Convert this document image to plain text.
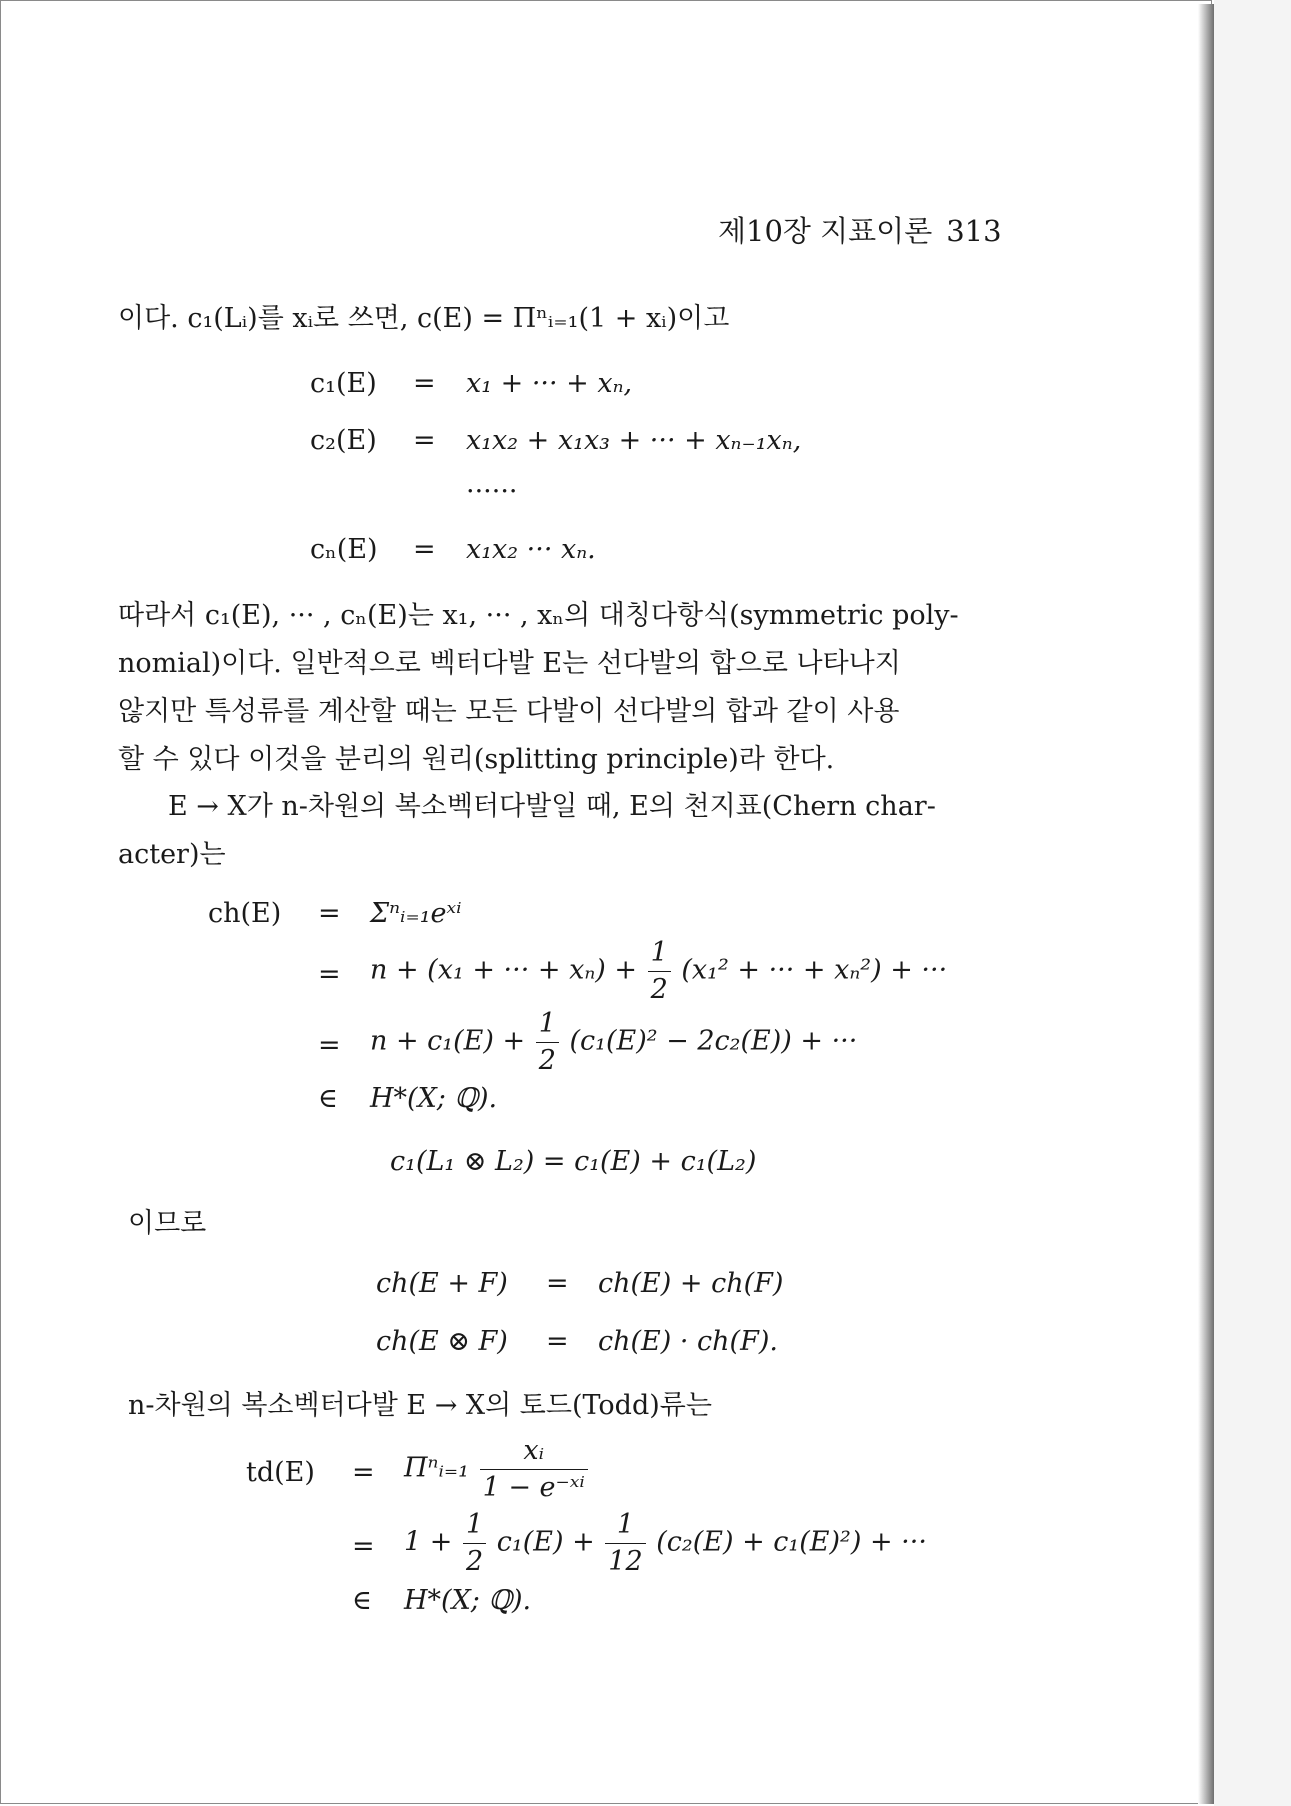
제10장 지표이론 313
이다. c₁(Lᵢ)를 xᵢ로 쓰면, c(E) = Πⁿᵢ₌₁(1 + xᵢ)이고
c₁(E) = x₁ + ··· + xₙ,
c₂(E) = x₁x₂ + x₁x₃ + ··· + xₙ₋₁xₙ,
······
cₙ(E) = x₁x₂ ··· xₙ.
따라서 c₁(E), ··· , cₙ(E)는 x₁, ··· , xₙ의 대칭다항식(symmetric poly-
nomial)이다. 일반적으로 벡터다발 E는 선다발의 합으로 나타나지
않지만 특성류를 계산할 때는 모든 다발이 선다발의 합과 같이 사용
할 수 있다 이것을 분리의 원리(splitting principle)라 한다.
E → X가 n-차원의 복소벡터다발일 때, E의 천지표(Chern char-
acter)는
ch(E) = Σⁿᵢ₌₁eˣⁱ
= n + (x₁ + ··· + $x_n) + \frac{1}{2} (x_1^2$ + ··· + xₙ²) + ···
= $n + c_1(E) + \frac{1}{2} (c_1(E)^2 - 2c_2(E))$ + ···
∈ H*(X; ℚ).
c₁(L₁ ⊗ L₂) = c₁(E) + c₁(L₂)
이므로
ch(E + F) = ch(E) + ch(F)
ch(E ⊗ F) = ch(E) · ch(F).
n-차원의 복소벡터다발 E → X의 토드(Todd)류는
td(E) = Πⁿᵢ₌₁ $\frac{\text{xᵢ}}{\text{1 − e⁻ˣⁱ}}$
= $1 + \frac{1}{2} c_1(E) + \frac{1}{12} (c_2(E) + c_1(E)^2)$ + ···
∈ H*(X; ℚ).
